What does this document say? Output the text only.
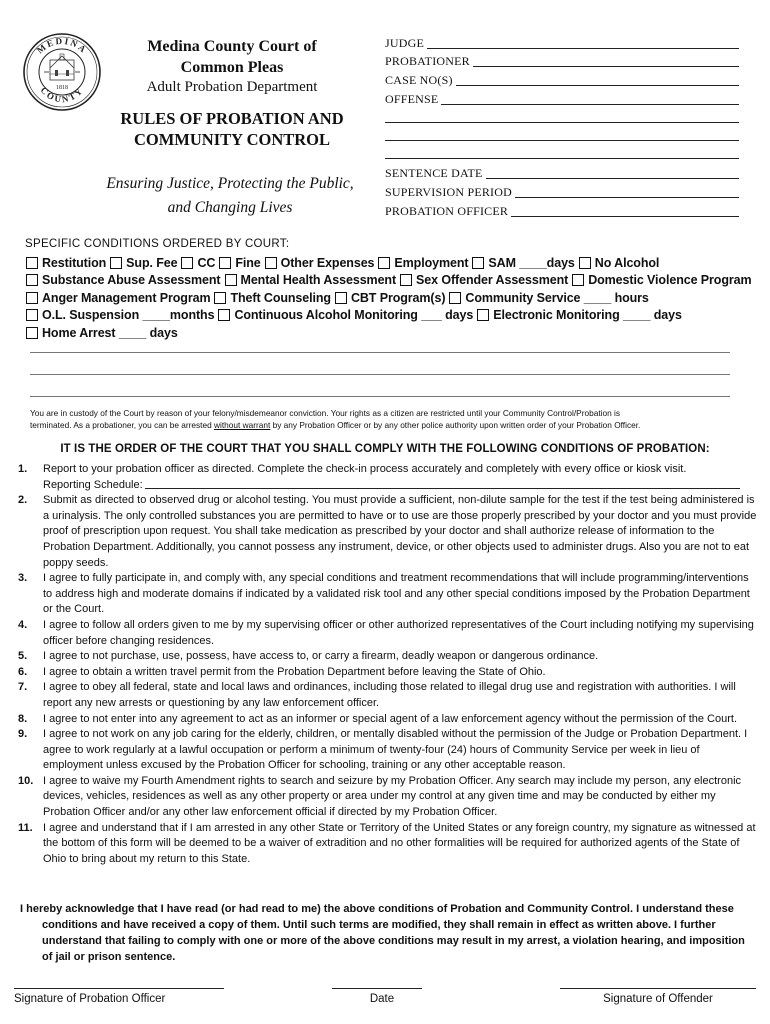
MEDINA
COUNTY
1818
Medina County Court of
Common Pleas
Adult Probation Department
RULES OF PROBATION AND
COMMUNITY CONTROL
Ensuring Justice, Protecting the Public,
and Changing Lives
JUDGE
PROBATIONER
CASE NO(S)
OFFENSE
SENTENCE DATE
SUPERVISION PERIOD
PROBATION OFFICER
SPECIFIC CONDITIONS ORDERED BY COURT:
Restitution Sup. Fee CC Fine Other Expenses Employment SAM ____days No Alcohol
Substance Abuse Assessment Mental Health Assessment Sex Offender Assessment Domestic Violence Program
Anger Management Program Theft Counseling CBT Program(s) Community Service ____ hours
O.L. Suspension ____months Continuous Alcohol Monitoring ___ days Electronic Monitoring ____ days
Home Arrest ____ days
You are in custody of the Court by reason of your felony/misdemeanor conviction. Your rights as a citizen are restricted until your Community Control/Probation is
terminated. As a probationer, you can be arrested without warrant by any Probation Officer or by any other police authority upon written order of your Probation Officer.
IT IS THE ORDER OF THE COURT THAT YOU SHALL COMPLY WITH THE FOLLOWING CONDITIONS OF PROBATION:
1.	Report to your probation officer as directed. Complete the check-in process accurately and completely with every office or kiosk visit.
Reporting Schedule:
2.	Submit as directed to observed drug or alcohol testing. You must provide a sufficient, non-dilute sample for the test if the test being administered is a urinalysis. The only controlled substances you are permitted to have or to use are those properly prescribed by your doctor and you must provide proof of prescription upon request. You shall take medication as prescribed by your doctor and shall authorize release of information to the Probation Department. Additionally, you cannot possess any instrument, device, or other objects used to administer drugs. Also you are not to eat poppy seeds.
3.	I agree to fully participate in, and comply with, any special conditions and treatment recommendations that will include programming/interventions to address high and moderate domains if indicated by a validated risk tool and any other special conditions imposed by the Probation Department or the Court.
4.	I agree to follow all orders given to me by my supervising officer or other authorized representatives of the Court including notifying my supervising officer before changing residences.
5.	I agree to not purchase, use, possess, have access to, or carry a firearm, deadly weapon or dangerous ordinance.
6.	I agree to obtain a written travel permit from the Probation Department before leaving the State of Ohio.
7.	I agree to obey all federal, state and local laws and ordinances, including those related to illegal drug use and registration with authorities. I will report any new arrests or questioning by any law enforcement officer.
8.	I agree to not enter into any agreement to act as an informer or special agent of a law enforcement agency without the permission of the Court.
9.	I agree to not work on any job caring for the elderly, children, or mentally disabled without the permission of the Judge or Probation Department. I agree to work regularly at a lawful occupation or perform a minimum of twenty-four (24) hours of Community Service per week in lieu of employment unless excused by the Probation Officer for schooling, training or any other acceptable reason.
10. I agree to waive my Fourth Amendment rights to search and seizure by my Probation Officer. Any search may include my person, any electronic devices, vehicles, residences as well as any other property or area under my control at any given time and may be conducted by either my Probation Officer and/or any other law enforcement official if directed by my Probation Officer.
11. I agree and understand that if I am arrested in any other State or Territory of the United States or any foreign country, my signature as witnessed at the bottom of this form will be deemed to be a waiver of extradition and no other formalities will be required for authorized agents of the State of Ohio to bring about my return to this State.
I hereby acknowledge that I have read (or had read to me) the above conditions of Probation and Community Control. I understand these
conditions and have received a copy of them. Until such terms are modified, they shall remain in effect as written above. I further understand that failing to comply with one or more of the above conditions may result in my arrest, a violation hearing, and imposition of jail or prison sentence.
Signature of Probation Officer	Date	Signature of Offender
